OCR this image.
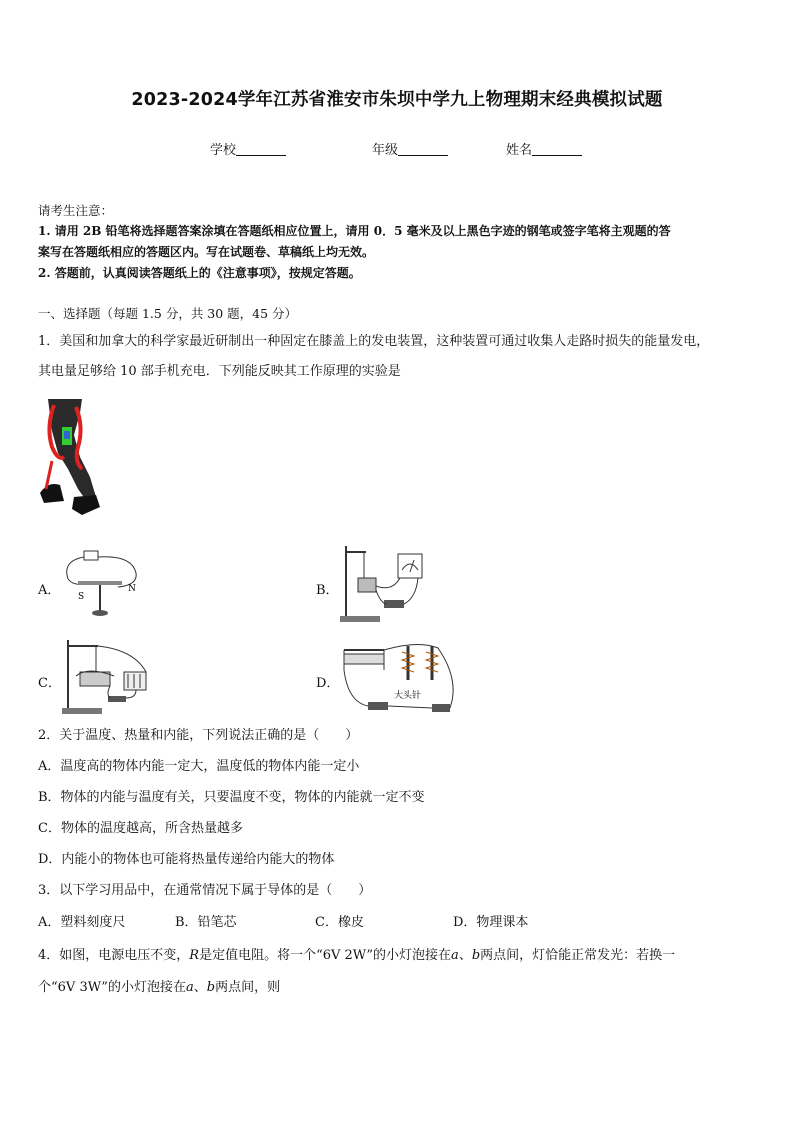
2023-2024学年江苏省淮安市朱坝中学九上物理期末经典模拟试题
学校	年级	姓名
请考生注意：
1. 请用 2B 铅笔将选择题答案涂填在答题纸相应位置上，请用 0．5 毫米及以上黑色字迹的钢笔或签字笔将主观题的答
案写在答题纸相应的答题区内。写在试题卷、草稿纸上均无效。
2. 答题前，认真阅读答题纸上的《注意事项》，按规定答题。
一、选择题（每题 1.5 分，共 30 题，45 分）
1．美国和加拿大的科学家最近研制出一种固定在膝盖上的发电装置，这种装置可通过收集人走路时损失的能量发电，
其电量足够给 10 部手机充电．下列能反映其工作原理的实验是
A． S
N	B．
C．	D．
大头针
2．关于温度、热量和内能，下列说法正确的是（　　）
A．温度高的物体内能一定大，温度低的物体内能一定小
B．物体的内能与温度有关，只要温度不变，物体的内能就一定不变
C．物体的温度越高，所含热量越多
D．内能小的物体也可能将热量传递给内能大的物体
3．以下学习用品中，在通常情况下属于导体的是（　　）
A．塑料刻度尺	B．铅笔芯	C．橡皮	D．物理课本
4．如图，电源电压不变，R是定值电阻。将一个“6V 2W”的小灯泡接在a、b两点间，灯恰能正常发光：若换一
个“6V 3W”的小灯泡接在a、b两点间，则
